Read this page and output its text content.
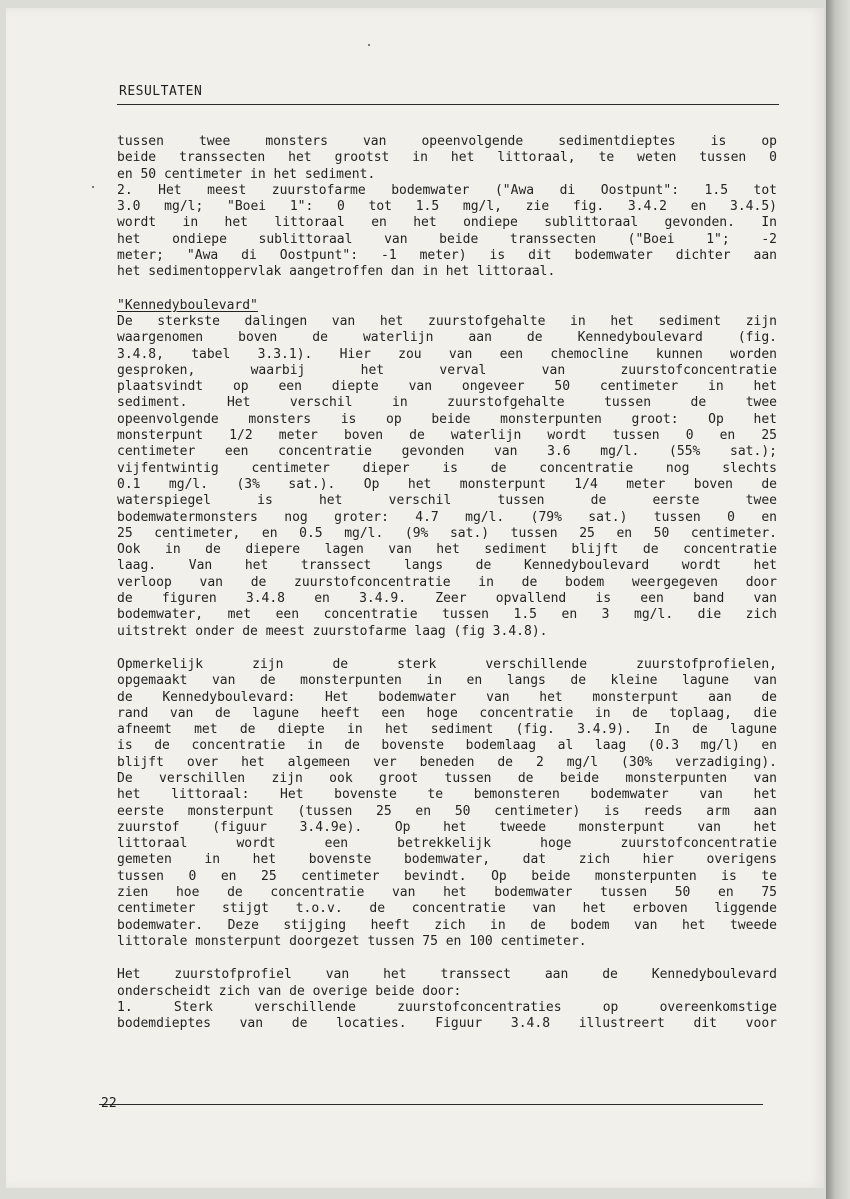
RESULTATEN
tussen twee monsters van opeenvolgende sedimentdieptes is op
beide transsecten het grootst in het littoraal, te weten tussen 0
en 50 centimeter in het sediment.
2. Het meest zuurstofarme bodemwater ("Awa di Oostpunt": 1.5 tot
3.0 mg/l; "Boei 1": 0 tot 1.5 mg/l, zie fig. 3.4.2 en 3.4.5)
wordt in het littoraal en het ondiepe sublittoraal gevonden. In
het ondiepe sublittoraal van beide transsecten ("Boei 1"; -2
meter; "Awa di Oostpunt": -1 meter) is dit bodemwater dichter aan
het sedimentoppervlak aangetroffen dan in het littoraal.
"Kennedyboulevard"
De sterkste dalingen van het zuurstofgehalte in het sediment zijn
waargenomen boven de waterlijn aan de Kennedyboulevard (fig.
3.4.8, tabel 3.3.1). Hier zou van een chemocline kunnen worden
gesproken, waarbij het verval van zuurstofconcentratie
plaatsvindt op een diepte van ongeveer 50 centimeter in het
sediment. Het verschil in zuurstofgehalte tussen de twee
opeenvolgende monsters is op beide monsterpunten groot: Op het
monsterpunt 1/2 meter boven de waterlijn wordt tussen 0 en 25
centimeter een concentratie gevonden van 3.6 mg/l. (55% sat.);
vijfentwintig centimeter dieper is de concentratie nog slechts
0.1 mg/l. (3% sat.). Op het monsterpunt 1/4 meter boven de
waterspiegel is het verschil tussen de eerste twee
bodemwatermonsters nog groter: 4.7 mg/l. (79% sat.) tussen 0 en
25 centimeter, en 0.5 mg/l. (9% sat.) tussen 25 en 50 centimeter.
Ook in de diepere lagen van het sediment blijft de concentratie
laag. Van het transsect langs de Kennedyboulevard wordt het
verloop van de zuurstofconcentratie in de bodem weergegeven door
de figuren 3.4.8 en 3.4.9. Zeer opvallend is een band van
bodemwater, met een concentratie tussen 1.5 en 3 mg/l. die zich
uitstrekt onder de meest zuurstofarme laag (fig 3.4.8).
Opmerkelijk zijn de sterk verschillende zuurstofprofielen,
opgemaakt van de monsterpunten in en langs de kleine lagune van
de Kennedyboulevard: Het bodemwater van het monsterpunt aan de
rand van de lagune heeft een hoge concentratie in de toplaag, die
afneemt met de diepte in het sediment (fig. 3.4.9). In de lagune
is de concentratie in de bovenste bodemlaag al laag (0.3 mg/l) en
blijft over het algemeen ver beneden de 2 mg/l (30% verzadiging).
De verschillen zijn ook groot tussen de beide monsterpunten van
het littoraal: Het bovenste te bemonsteren bodemwater van het
eerste monsterpunt (tussen 25 en 50 centimeter) is reeds arm aan
zuurstof (figuur 3.4.9e). Op het tweede monsterpunt van het
littoraal wordt een betrekkelijk hoge zuurstofconcentratie
gemeten in het bovenste bodemwater, dat zich hier overigens
tussen 0 en 25 centimeter bevindt. Op beide monsterpunten is te
zien hoe de concentratie van het bodemwater tussen 50 en 75
centimeter stijgt t.o.v. de concentratie van het erboven liggende
bodemwater. Deze stijging heeft zich in de bodem van het tweede
littorale monsterpunt doorgezet tussen 75 en 100 centimeter.
Het zuurstofprofiel van het transsect aan de Kennedyboulevard
onderscheidt zich van de overige beide door:
1. Sterk verschillende zuurstofconcentraties op overeenkomstige
bodemdieptes van de locaties. Figuur 3.4.8 illustreert dit voor
22
